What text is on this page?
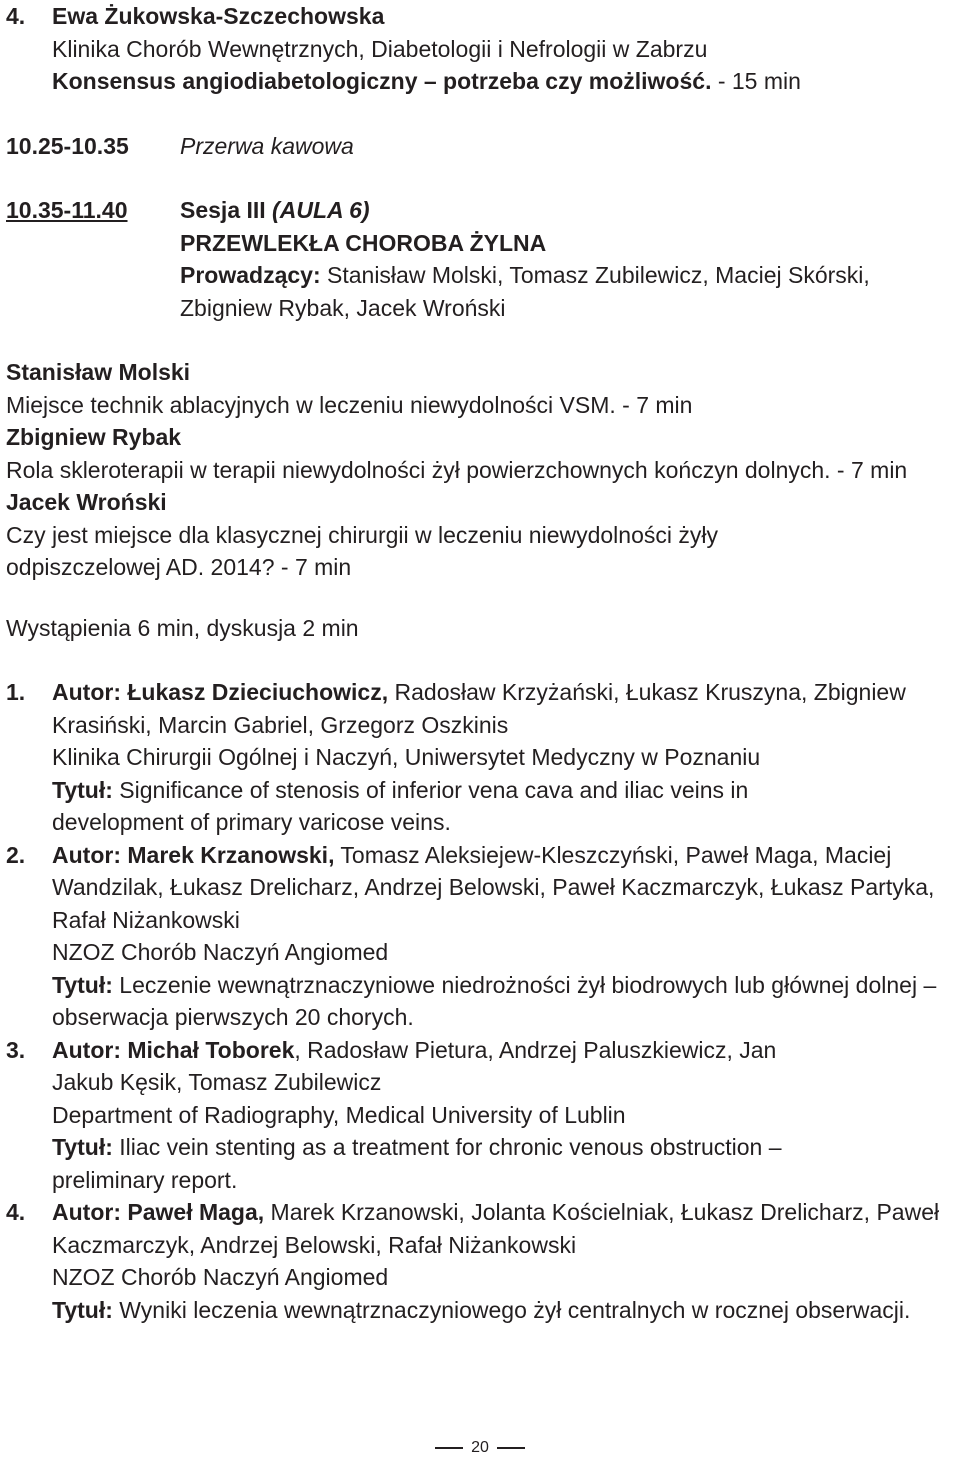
4. Ewa Żukowska-Szczechowska
Klinika Chorób Wewnętrznych, Diabetologii i Nefrologii w Zabrzu
Konsensus angiodiabetologiczny – potrzeba czy możliwość. - 15 min
10.25-10.35 Przerwa kawowa
10.35-11.40 Sesja III (AULA 6)
PRZEWLEKŁA CHOROBA ŻYLNA
Prowadzący: Stanisław Molski, Tomasz Zubilewicz, Maciej Skórski, Zbigniew Rybak, Jacek Wroński
Stanisław Molski
Miejsce technik ablacyjnych w leczeniu niewydolności VSM. - 7 min
Zbigniew Rybak
Rola skleroterapii w terapii niewydolności żył powierzchownych kończyn dolnych. - 7 min
Jacek Wroński
Czy jest miejsce dla klasycznej chirurgii w leczeniu niewydolności żyły odpiszczelowej AD. 2014? - 7 min
Wystąpienia 6 min, dyskusja 2 min
1. Autor: Łukasz Dzieciuchowicz, Radosław Krzyżański, Łukasz Kruszyna, Zbigniew Krasiński, Marcin Gabriel, Grzegorz Oszkinis
Klinika Chirurgii Ogólnej i Naczyń, Uniwersytet Medyczny w Poznaniu
Tytuł: Significance of stenosis of inferior vena cava and iliac veins in development of primary varicose veins.
2. Autor: Marek Krzanowski, Tomasz Aleksiejew-Kleszczyński, Paweł Maga, Maciej Wandzilak, Łukasz Drelicharz, Andrzej Belowski, Paweł Kaczmarczyk, Łukasz Partyka, Rafał Niżankowski
NZOZ Chorób Naczyń Angiomed
Tytuł: Leczenie wewnątrznaczyniowe niedrożności żył biodrowych lub głównej dolnej – obserwacja pierwszych 20 chorych.
3. Autor: Michał Toborek, Radosław Pietura, Andrzej Paluszkiewicz, Jan Jakub Kęsik, Tomasz Zubilewicz
Department of Radiography, Medical University of Lublin
Tytuł: Iliac vein stenting as a treatment for chronic venous obstruction – preliminary report.
4. Autor: Paweł Maga, Marek Krzanowski, Jolanta Kościelniak, Łukasz Drelicharz, Paweł Kaczmarczyk, Andrzej Belowski, Rafał Niżankowski
NZOZ Chorób Naczyń Angiomed
Tytuł: Wyniki leczenia wewnątrznaczyniowego żył centralnych w rocznej obserwacji.
20
